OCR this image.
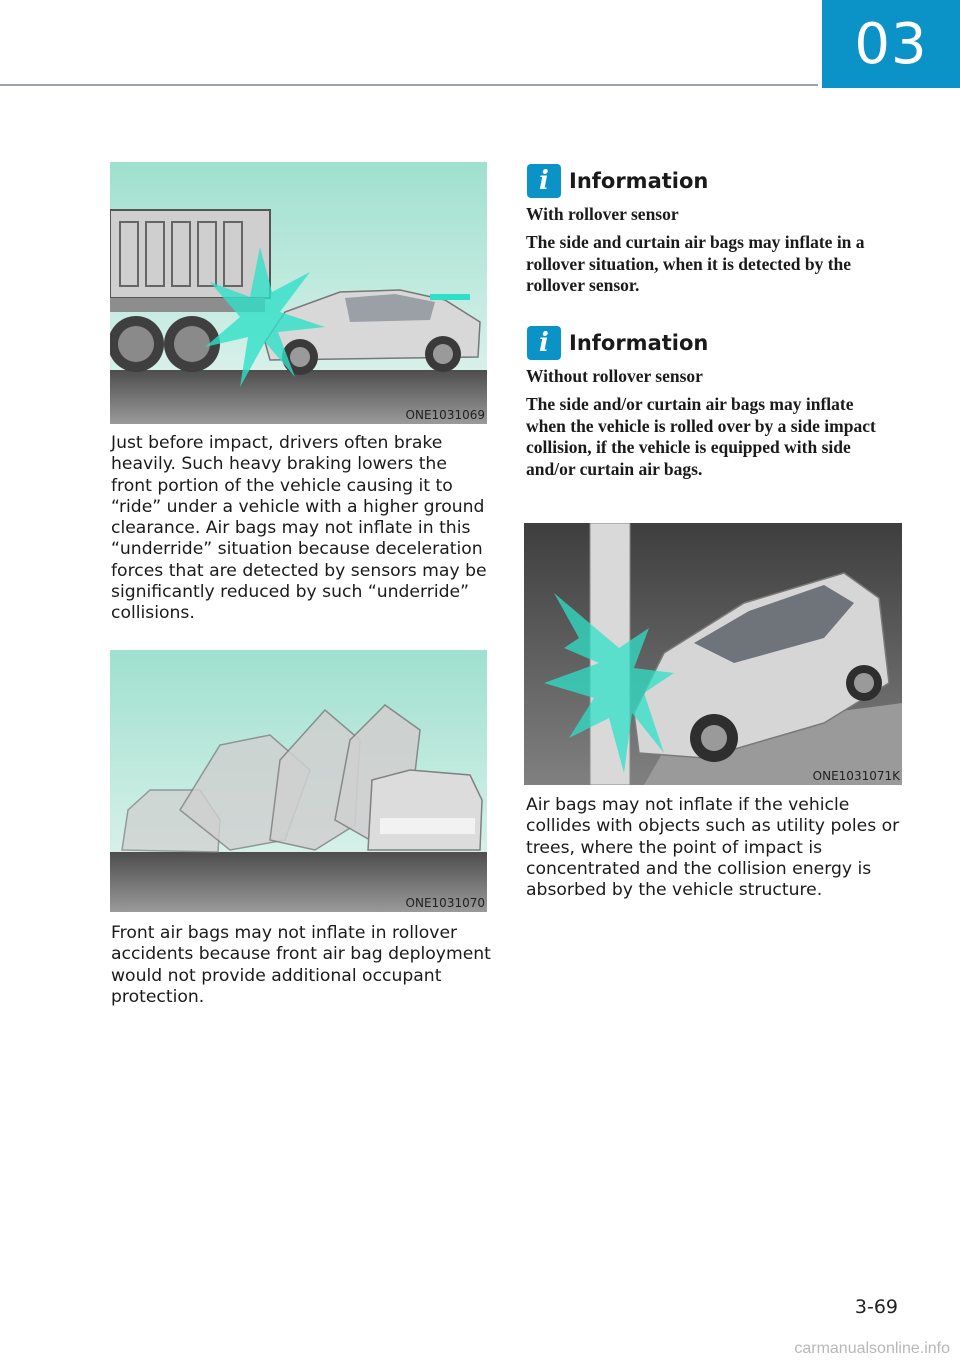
03
ONE1031069

Just before impact, drivers often brake heavily. Such heavy braking lowers the front portion of the vehicle causing it to “ride” under a vehicle with a higher ground clearance. Air bags may not inflate in this “underride” situation because deceleration forces that are detected by sensors may be significantly reduced by such “underride” collisions.

ONE1031070

Front air bags may not inflate in rollover accidents because front air bag deployment would not provide additional occupant protection.

i Information

With rollover sensor

The side and curtain air bags may inflate in a rollover situation, when it is detected by the rollover sensor.

i Information

Without rollover sensor

The side and/or curtain air bags may inflate when the vehicle is rolled over by a side impact collision, if the vehicle is equipped with side and/or curtain air bags.

ONE1031071K

Air bags may not inflate if the vehicle collides with objects such as utility poles or trees, where the point of impact is concentrated and the collision energy is absorbed by the vehicle structure.

3-69
carmanualsonline.info
